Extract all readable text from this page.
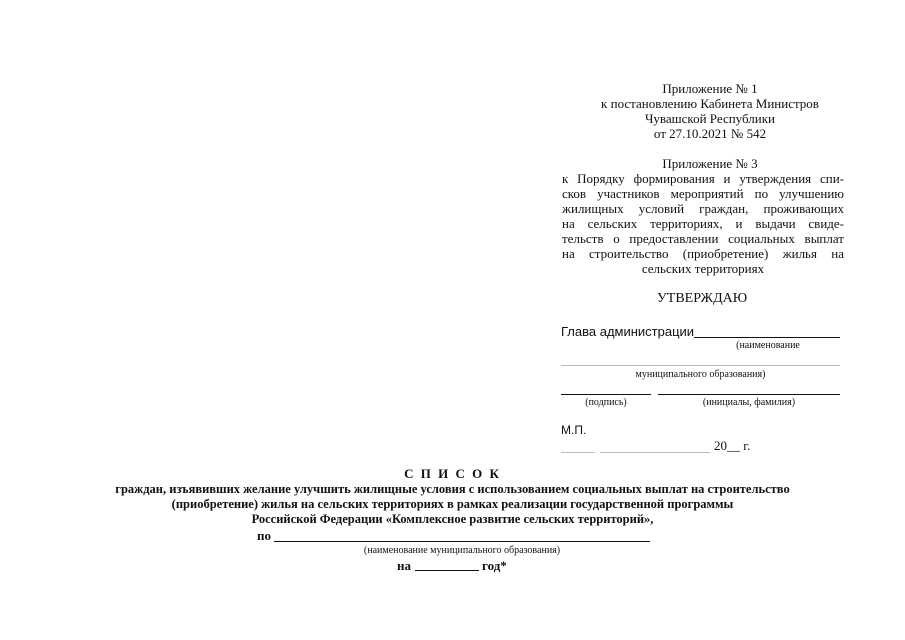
Приложение № 1
к постановлению Кабинета Министров
Чувашской Республики
от 27.10.2021 № 542
Приложение № 3
к Порядку формирования и утверждения спи-
сков участников мероприятий по улучшению
жилищных условий граждан, проживающих
на сельских территориях, и выдачи свиде-
тельств о предоставлении социальных выплат
на строительство (приобретение) жилья на
сельских территориях
УТВЕРЖДАЮ
Глава администрации
(наименование
муниципального образования)
(подпись)	(инициалы, фамилия)
М.П.
20__ г.
С П И С О К
граждан, изъявивших желание улучшить жилищные условия с использованием социальных выплат на строительство
(приобретение) жилья на сельских территориях в рамках реализации государственной программы
Российской Федерации «Комплексное развитие сельских территорий»,
по
(наименование муниципального образования)
на	год*
